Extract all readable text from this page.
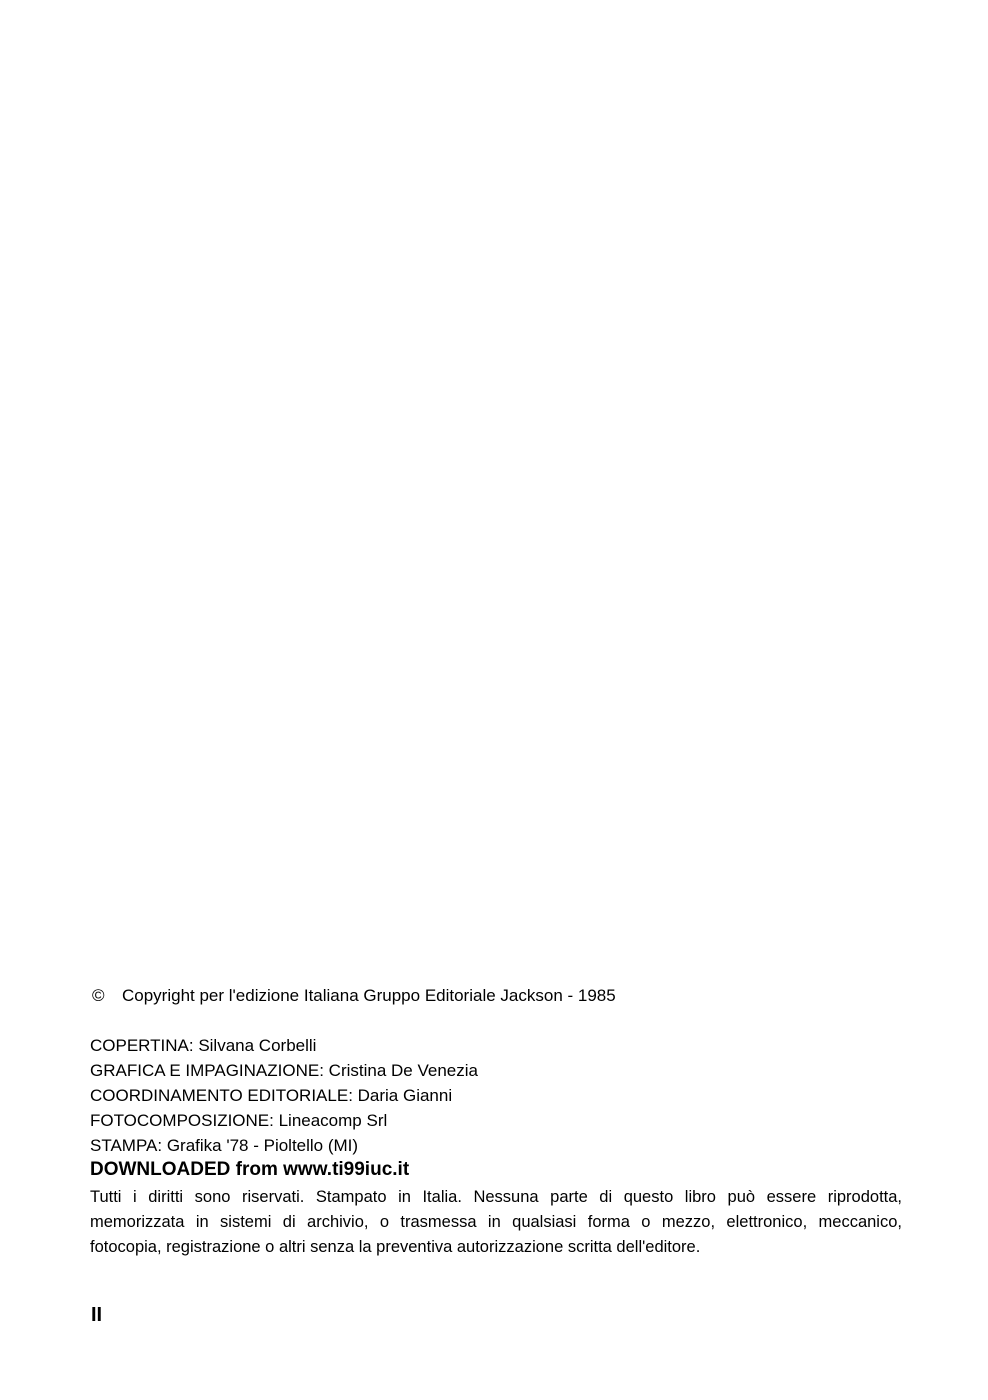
© Copyright per l'edizione Italiana Gruppo Editoriale Jackson - 1985
COPERTINA: Silvana Corbelli
GRAFICA E IMPAGINAZIONE: Cristina De Venezia
COORDINAMENTO EDITORIALE: Daria Gianni
FOTOCOMPOSIZIONE: Lineacomp Srl
STAMPA: Grafika '78 - Pioltello (MI)
DOWNLOADED from www.ti99iuc.it
Tutti i diritti sono riservati. Stampato in Italia. Nessuna parte di questo libro può essere riprodotta,
memorizzata in sistemi di archivio, o trasmessa in qualsiasi forma o mezzo, elettronico, meccanico,
fotocopia, registrazione o altri senza la preventiva autorizzazione scritta dell'editore.
II
